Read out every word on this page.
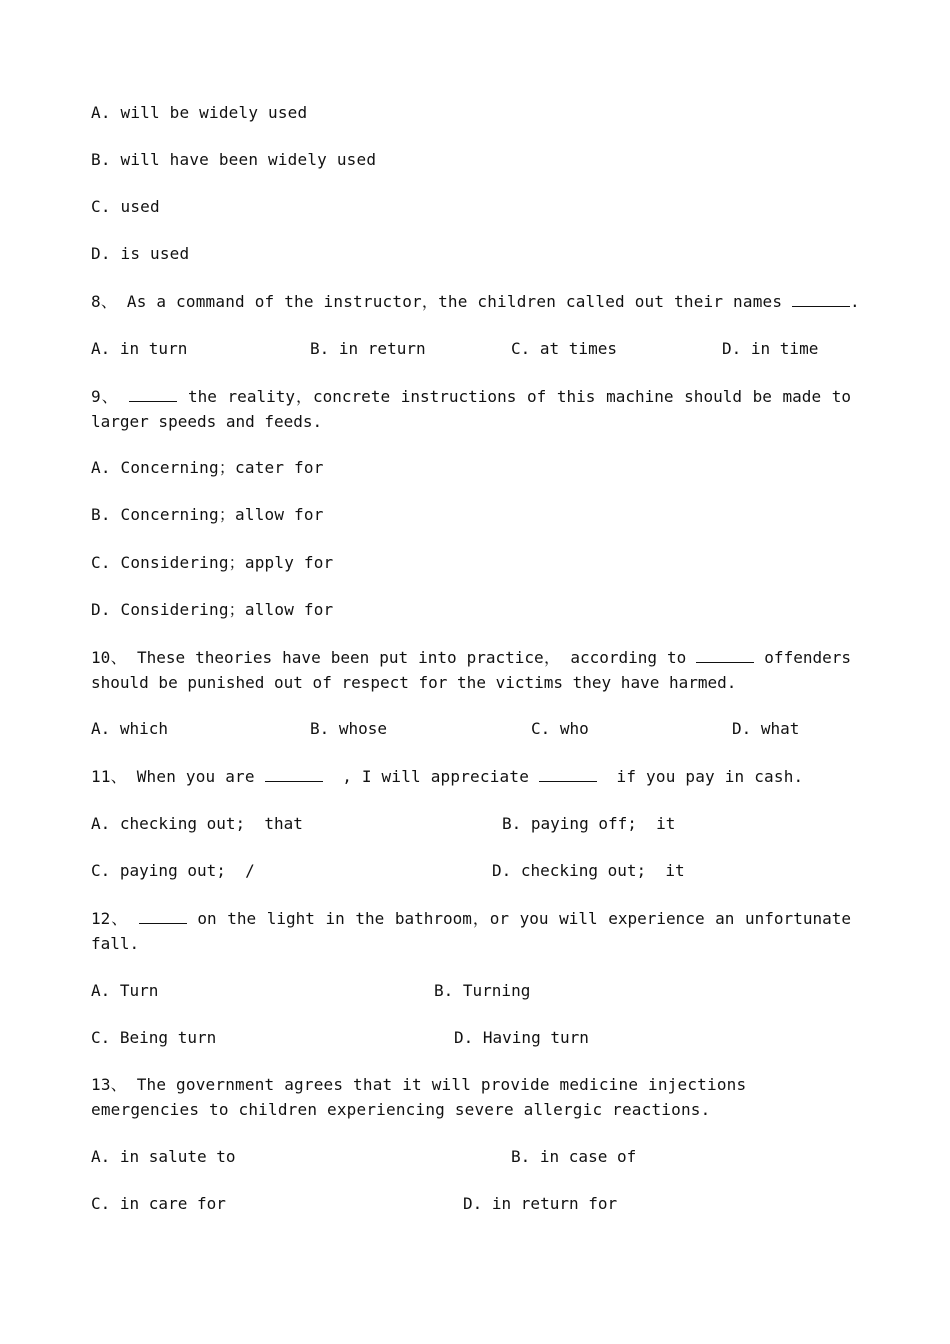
A. will be widely used
B. will have been widely used
C. used
D. is used
8、 As a command of the instructor，the children called out their names	.
A. in turn	B. in return	C. at times	D. in time
9、	the reality，concrete instructions of this machine should be made to larger speeds and feeds.
A. Concerning；cater for
B. Concerning；allow for
C. Considering；apply for
D. Considering；allow for
10、 These theories have been put into practice， according to	offenders should be punished out of respect for the victims they have harmed.
A. which	B. whose	C. who	D. what
11、 When you are	, I will appreciate	if you pay in cash.
A. checking out;  that	B. paying off;  it
C. paying out;  /	D. checking out;  it
12、	on the light in the bathroom，or you will experience an unfortunate fall.
A. Turn	B. Turning
C. Being turn	D. Having turn
13、 The government agrees that it will provide medicine injections
emergencies to children experiencing severe allergic reactions.
A. in salute to	B. in case of
C. in care for	D. in return for
